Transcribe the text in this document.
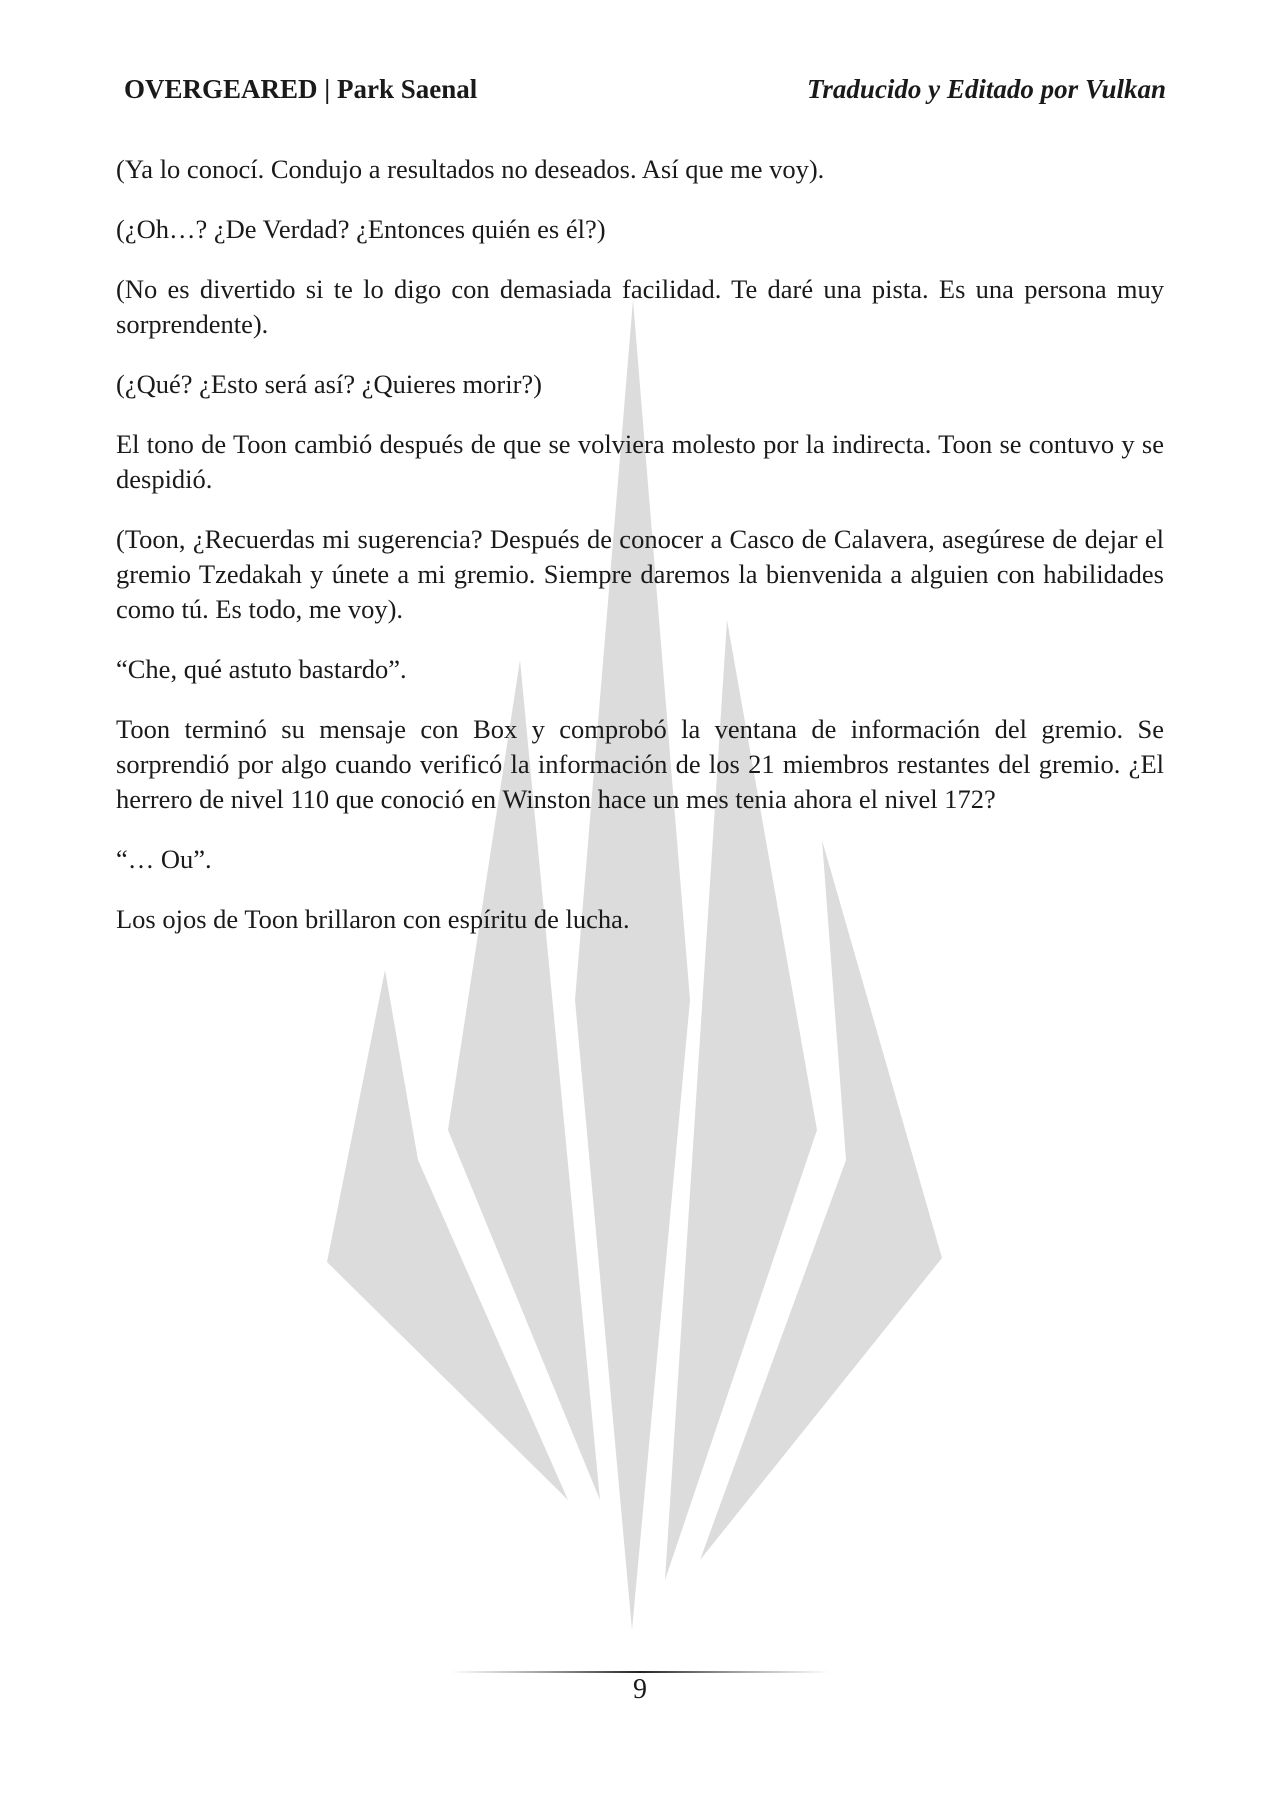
OVERGEARED | Park Saenal	Traducido y Editado por Vulkan

(Ya lo conocí. Condujo a resultados no deseados. Así que me voy).

(¿Oh…? ¿De Verdad? ¿Entonces quién es él?)

(No es divertido si te lo digo con demasiada facilidad. Te daré una pista. Es una persona muy sorprendente).

(¿Qué? ¿Esto será así? ¿Quieres morir?)

El tono de Toon cambió después de que se volviera molesto por la indirecta. Toon se contuvo y se despidió.

(Toon, ¿Recuerdas mi sugerencia? Después de conocer a Casco de Calavera, asegúrese de dejar el gremio Tzedakah y únete a mi gremio. Siempre daremos la bienvenida a alguien con habilidades como tú. Es todo, me voy).

“Che, qué astuto bastardo”.

Toon terminó su mensaje con Box y comprobó la ventana de información del gremio. Se sorprendió por algo cuando verificó la información de los 21 miembros restantes del gremio. ¿El herrero de nivel 110 que conoció en Winston hace un mes tenia ahora el nivel 172?

“… Ou”.

Los ojos de Toon brillaron con espíritu de lucha.

9
